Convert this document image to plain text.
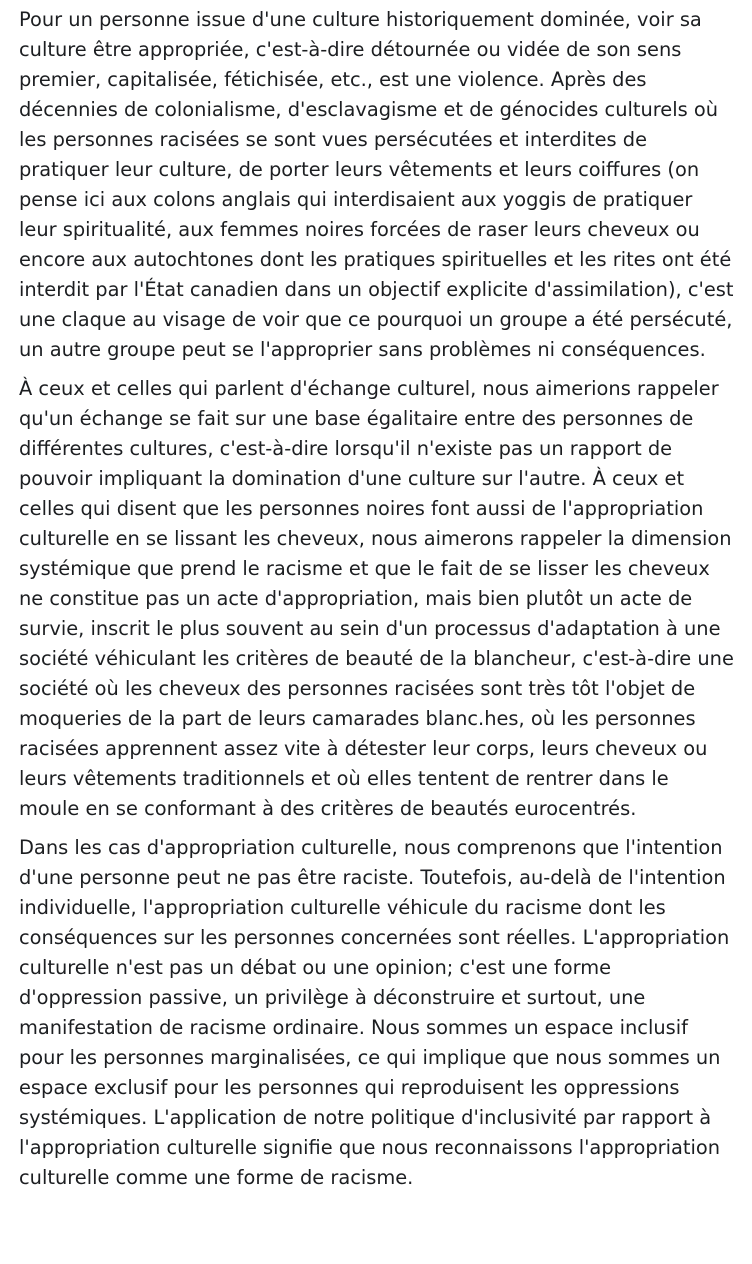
Pour un personne issue d'une culture historiquement dominée, voir sa culture être appropriée, c'est-à-dire détournée ou vidée de son sens premier, capitalisée, fétichisée, etc., est une violence. Après des décennies de colonialisme, d'esclavagisme et de génocides culturels où les personnes racisées se sont vues persécutées et interdites de pratiquer leur culture, de porter leurs vêtements et leurs coiffures (on pense ici aux colons anglais qui interdisaient aux yoggis de pratiquer leur spiritualité, aux femmes noires forcées de raser leurs cheveux ou encore aux autochtones dont les pratiques spirituelles et les rites ont été interdit par l'État canadien dans un objectif explicite d'assimilation), c'est une claque au visage de voir que ce pourquoi un groupe a été persécuté, un autre groupe peut se l'approprier sans problèmes ni conséquences.

À ceux et celles qui parlent d'échange culturel, nous aimerions rappeler qu'un échange se fait sur une base égalitaire entre des personnes de différentes cultures, c'est-à-dire lorsqu'il n'existe pas un rapport de pouvoir impliquant la domination d'une culture sur l'autre. À ceux et celles qui disent que les personnes noires font aussi de l'appropriation culturelle en se lissant les cheveux, nous aimerons rappeler la dimension systémique que prend le racisme et que le fait de se lisser les cheveux ne constitue pas un acte d'appropriation, mais bien plutôt un acte de survie, inscrit le plus souvent au sein d'un processus d'adaptation à une société véhiculant les critères de beauté de la blancheur, c'est-à-dire une société où les cheveux des personnes racisées sont très tôt l'objet de moqueries de la part de leurs camarades blanc.hes, où les personnes racisées apprennent assez vite à détester leur corps, leurs cheveux ou leurs vêtements traditionnels et où elles tentent de rentrer dans le moule en se conformant à des critères de beautés eurocentrés.

Dans les cas d'appropriation culturelle, nous comprenons que l'intention d'une personne peut ne pas être raciste. Toutefois, au-delà de l'intention individuelle, l'appropriation culturelle véhicule du racisme dont les conséquences sur les personnes concernées sont réelles. L'appropriation culturelle n'est pas un débat ou une opinion; c'est une forme d'oppression passive, un privilège à déconstruire et surtout, une manifestation de racisme ordinaire. Nous sommes un espace inclusif pour les personnes marginalisées, ce qui implique que nous sommes un espace exclusif pour les personnes qui reproduisent les oppressions systémiques. L'application de notre politique d'inclusivité par rapport à l'appropriation culturelle signifie que nous reconnaissons l'appropriation culturelle comme une forme de racisme.
